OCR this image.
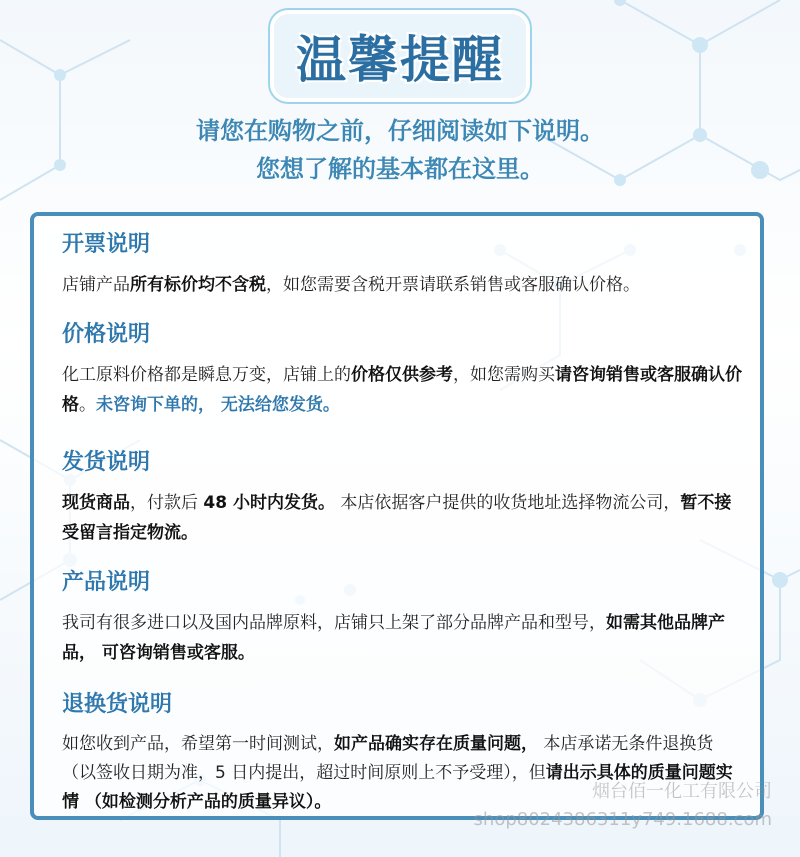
温馨提醒
请您在购物之前，仔细阅读如下说明。
您想了解的基本都在这里。
开票说明
店铺产品所有标价均不含税，如您需要含税开票请联系销售或客服确认价格。
价格说明
化工原料价格都是瞬息万变，店铺上的价格仅供参考，如您需购买请咨询销售或客服确认价格。未咨询下单的， 无法给您发货。
发货说明
现货商品，付款后 48 小时内发货。 本店依据客户提供的收货地址选择物流公司，暂不接受留言指定物流。
产品说明
我司有很多进口以及国内品牌原料，店铺只上架了部分品牌产品和型号，如需其他品牌产品， 可咨询销售或客服。
退换货说明
如您收到产品，希望第一时间测试，如产品确实存在质量问题， 本店承诺无条件退换货（以签收日期为准，5 日内提出，超过时间原则上不予受理），但请出示具体的质量问题实情 （如检测分析产品的质量异议）。	烟台佰一化工有限公司
shop8024386311y749.1688.com
